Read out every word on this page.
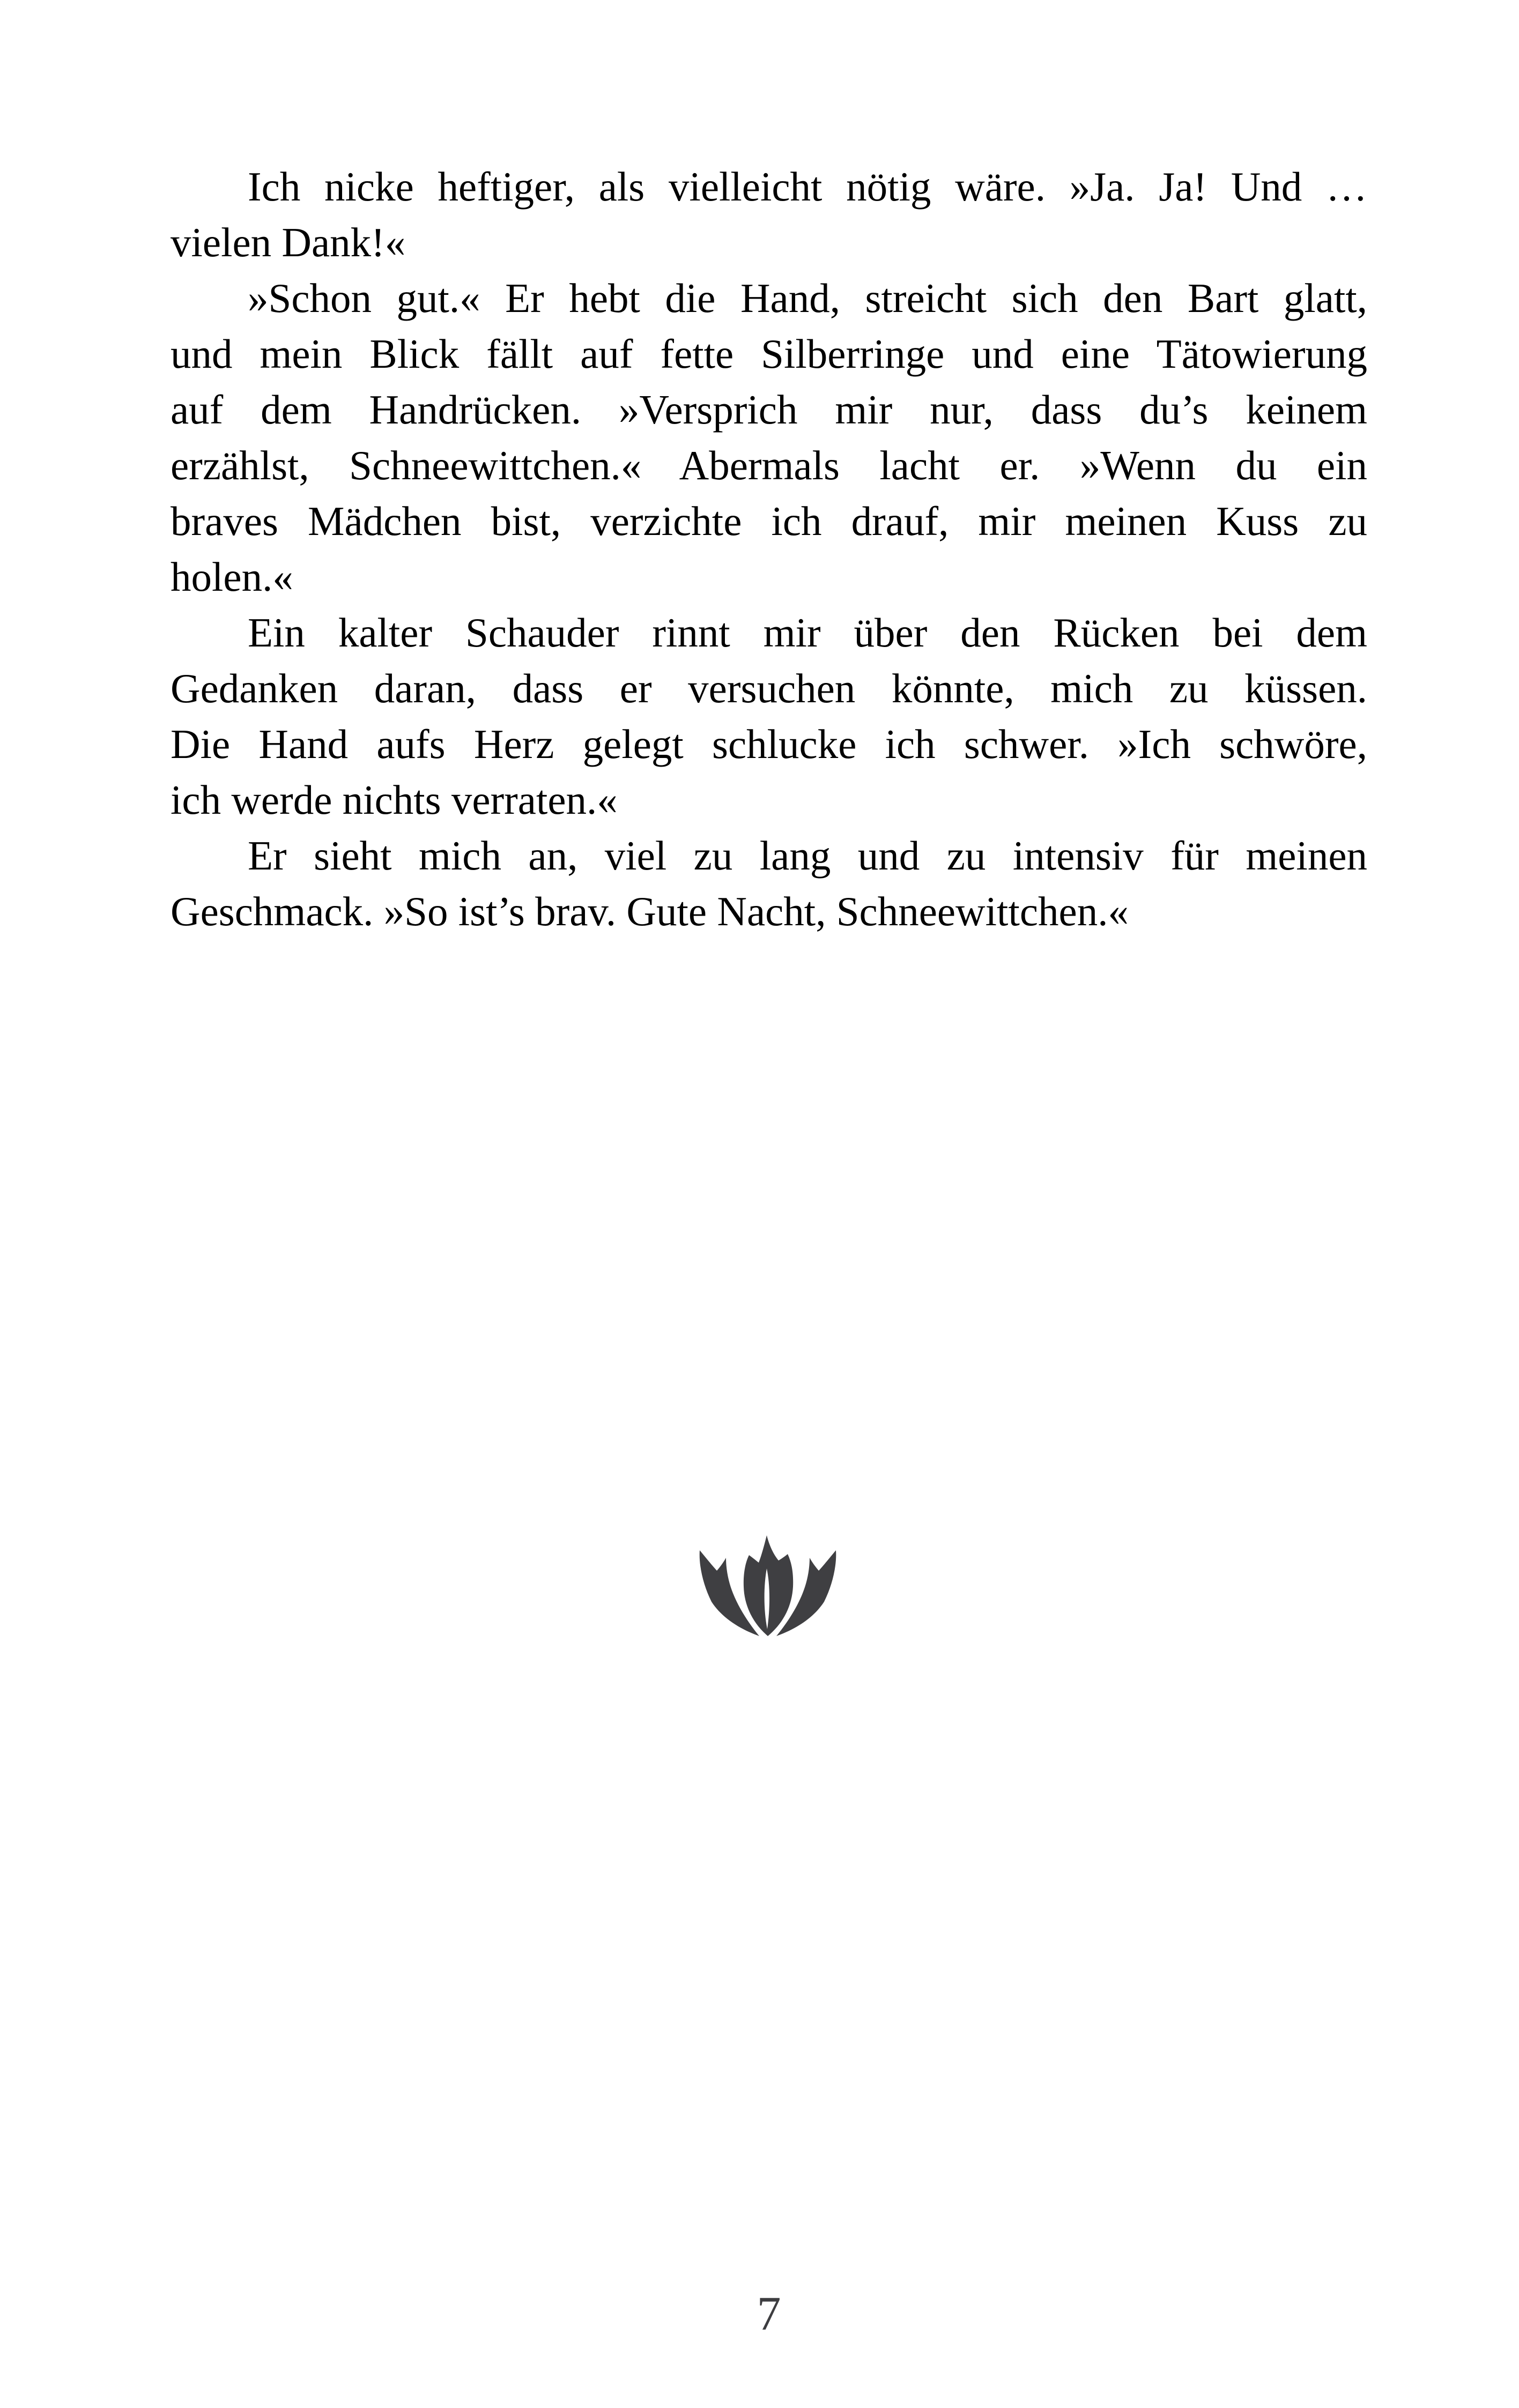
Ich nicke heftiger, als vielleicht nötig wäre. »Ja. Ja! Und …
vielen Dank!«
»Schon gut.« Er hebt die Hand, streicht sich den Bart glatt,
und mein Blick fällt auf fette Silberringe und eine Tätowierung
auf dem Handrücken. »Versprich mir nur, dass du’s keinem
erzählst, Schneewittchen.« Abermals lacht er. »Wenn du ein
braves Mädchen bist, verzichte ich drauf, mir meinen Kuss zu
holen.«
Ein kalter Schauder rinnt mir über den Rücken bei dem
Gedanken daran, dass er versuchen könnte, mich zu küssen.
Die Hand aufs Herz gelegt schlucke ich schwer. »Ich schwöre,
ich werde nichts verraten.«
Er sieht mich an, viel zu lang und zu intensiv für meinen
Geschmack. »So ist’s brav. Gute Nacht, Schneewittchen.«
7
